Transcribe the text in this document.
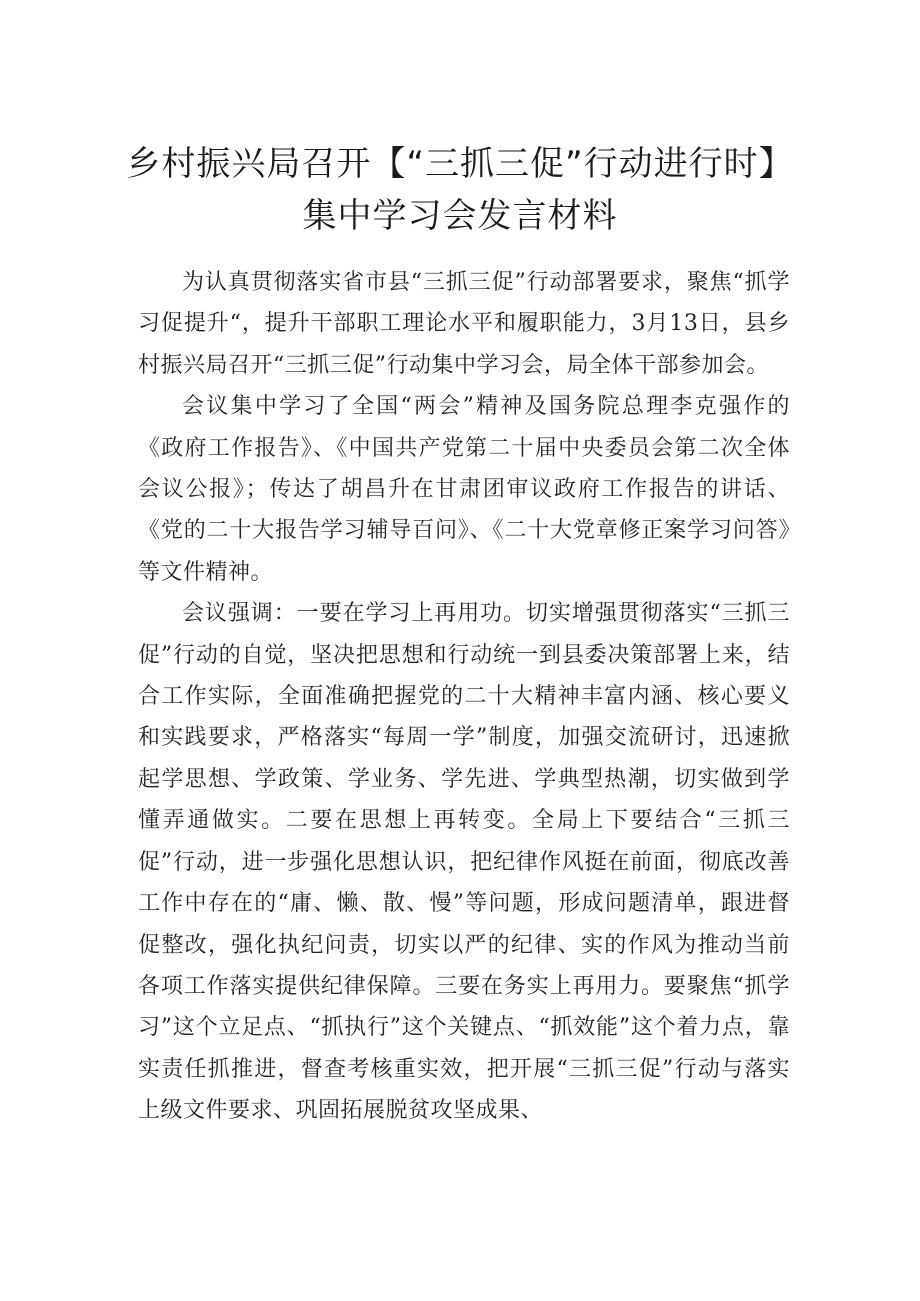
乡村振兴局召开【“三抓三促”行动进行时】集中学习会发言材料

为认真贯彻落实省市县“三抓三促”行动部署要求，聚焦“抓学习促提升“，提升干部职工理论水平和履职能力，3月13日，县乡村振兴局召开“三抓三促”行动集中学习会，局全体干部参加会。

会议集中学习了全国“两会”精神及国务院总理李克强作的《政府工作报告》、《中国共产党第二十届中央委员会第二次全体会议公报》；传达了胡昌升在甘肃团审议政府工作报告的讲话、《党的二十大报告学习辅导百问》、《二十大党章修正案学习问答》等文件精神。

会议强调：一要在学习上再用功。切实增强贯彻落实“三抓三促”行动的自觉，坚决把思想和行动统一到县委决策部署上来，结合工作实际，全面准确把握党的二十大精神丰富内涵、核心要义和实践要求，严格落实“每周一学”制度，加强交流研讨，迅速掀起学思想、学政策、学业务、学先进、学典型热潮，切实做到学懂弄通做实。二要在思想上再转变。全局上下要结合“三抓三促”行动，进一步强化思想认识，把纪律作风挺在前面，彻底改善工作中存在的“庸、懒、散、慢”等问题，形成问题清单，跟进督促整改，强化执纪问责，切实以严的纪律、实的作风为推动当前各项工作落实提供纪律保障。三要在务实上再用力。要聚焦“抓学习”这个立足点、“抓执行”这个关键点、“抓效能”这个着力点，靠实责任抓推进，督查考核重实效，把开展“三抓三促”行动与落实上级文件要求、巩固拓展脱贫攻坚成果、
